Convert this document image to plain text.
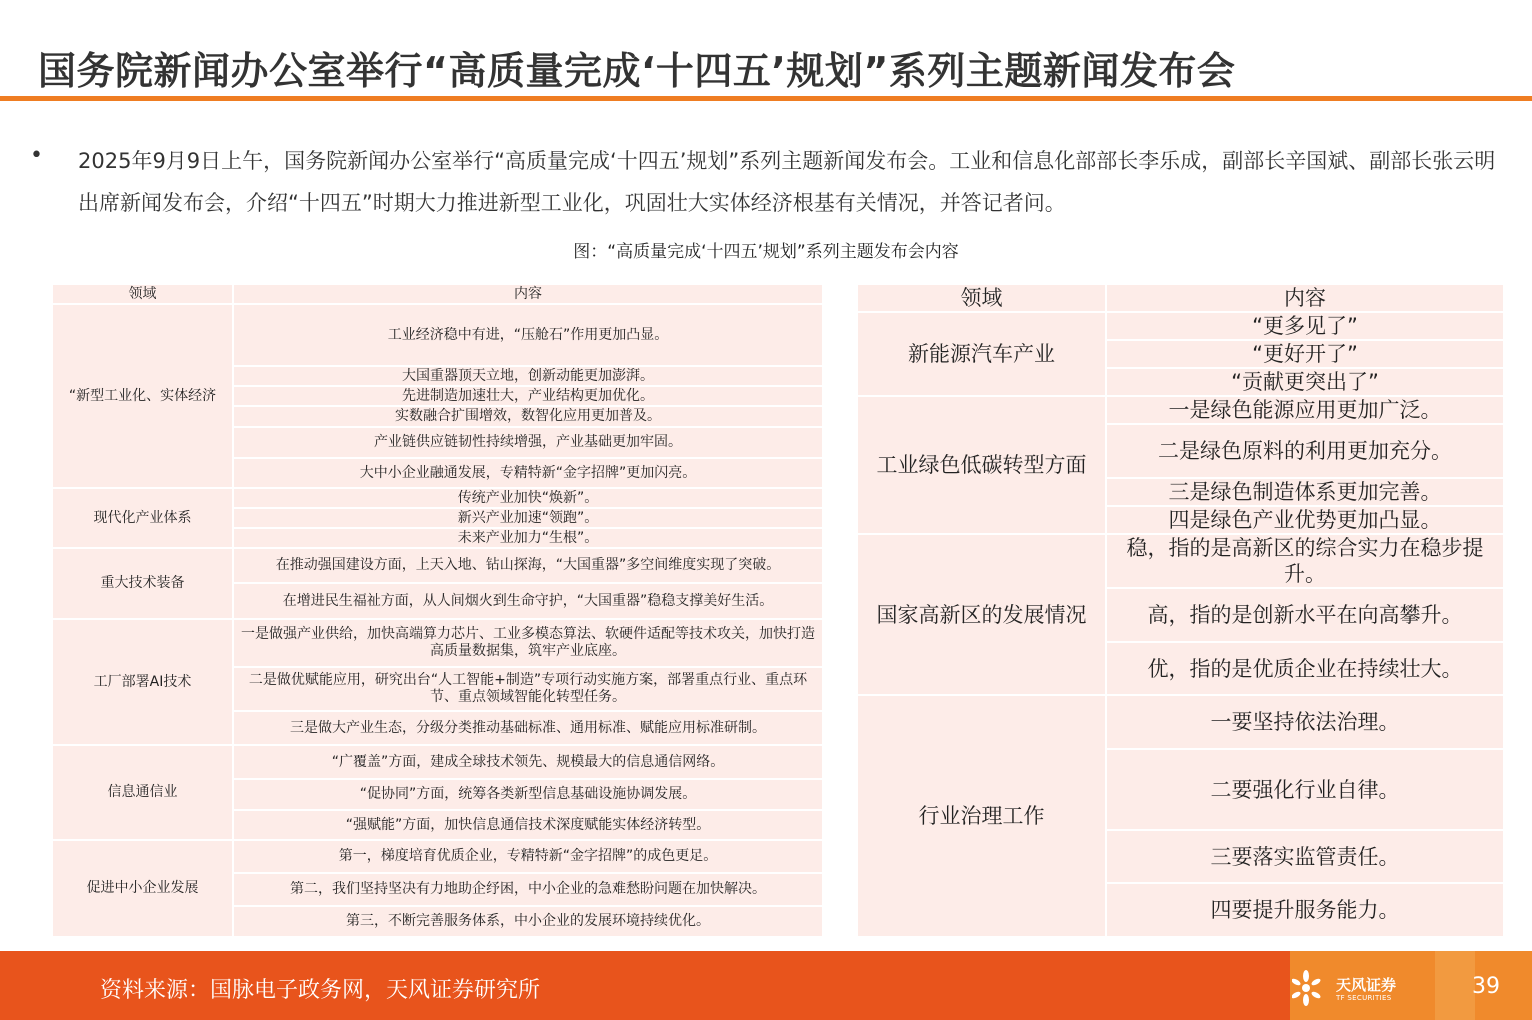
国务院新闻办公室举行“高质量完成‘十四五’规划”系列主题新闻发布会
• 2025年9月9日上午，国务院新闻办公室举行“高质量完成‘十四五’规划”系列主题新闻发布会。工业和信息化部部长李乐成，副部长辛国斌、副部长张云明出席新闻发布会，介绍“十四五”时期大力推进新型工业化，巩固壮大实体经济根基有关情况，并答记者问。
图：“高质量完成‘十四五’规划”系列主题发布会内容
领域	内容
“新型工业化、实体经济	工业经济稳中有进，“压舱石”作用更加凸显。
	大国重器顶天立地，创新动能更加澎湃。
	先进制造加速壮大，产业结构更加优化。
	实数融合扩围增效，数智化应用更加普及。
	产业链供应链韧性持续增强，产业基础更加牢固。
	大中小企业融通发展，专精特新“金字招牌”更加闪亮。
现代化产业体系	传统产业加快“焕新”。
	新兴产业加速“领跑”。
	未来产业加力“生根”。
重大技术装备	在推动强国建设方面，上天入地、钻山探海，“大国重器”多空间维度实现了突破。
	在增进民生福祉方面，从人间烟火到生命守护，“大国重器”稳稳支撑美好生活。
工厂部署AI技术	一是做强产业供给，加快高端算力芯片、工业多模态算法、软硬件适配等技术攻关，加快打造高质量数据集，筑牢产业底座。
	二是做优赋能应用，研究出台“人工智能+制造”专项行动实施方案，部署重点行业、重点环节、重点领域智能化转型任务。
	三是做大产业生态，分级分类推动基础标准、通用标准、赋能应用标准研制。
信息通信业	“广覆盖”方面，建成全球技术领先、规模最大的信息通信网络。
	“促协同”方面，统筹各类新型信息基础设施协调发展。
	“强赋能”方面，加快信息通信技术深度赋能实体经济转型。
促进中小企业发展	第一，梯度培育优质企业，专精特新“金字招牌”的成色更足。
	第二，我们坚持坚决有力地助企纾困，中小企业的急难愁盼问题在加快解决。
	第三，不断完善服务体系，中小企业的发展环境持续优化。
领域	内容
新能源汽车产业	“更多见了”
	“更好开了”
	“贡献更突出了”
工业绿色低碳转型方面	一是绿色能源应用更加广泛。
	二是绿色原料的利用更加充分。
	三是绿色制造体系更加完善。
	四是绿色产业优势更加凸显。
国家高新区的发展情况	稳，指的是高新区的综合实力在稳步提升。
	高，指的是创新水平在向高攀升。
	优，指的是优质企业在持续壮大。
行业治理工作	一要坚持依法治理。
	二要强化行业自律。
	三要落实监管责任。
	四要提升服务能力。
资料来源：国脉电子政务网，天风证券研究所	天风证券
TF SECURITIES	39
